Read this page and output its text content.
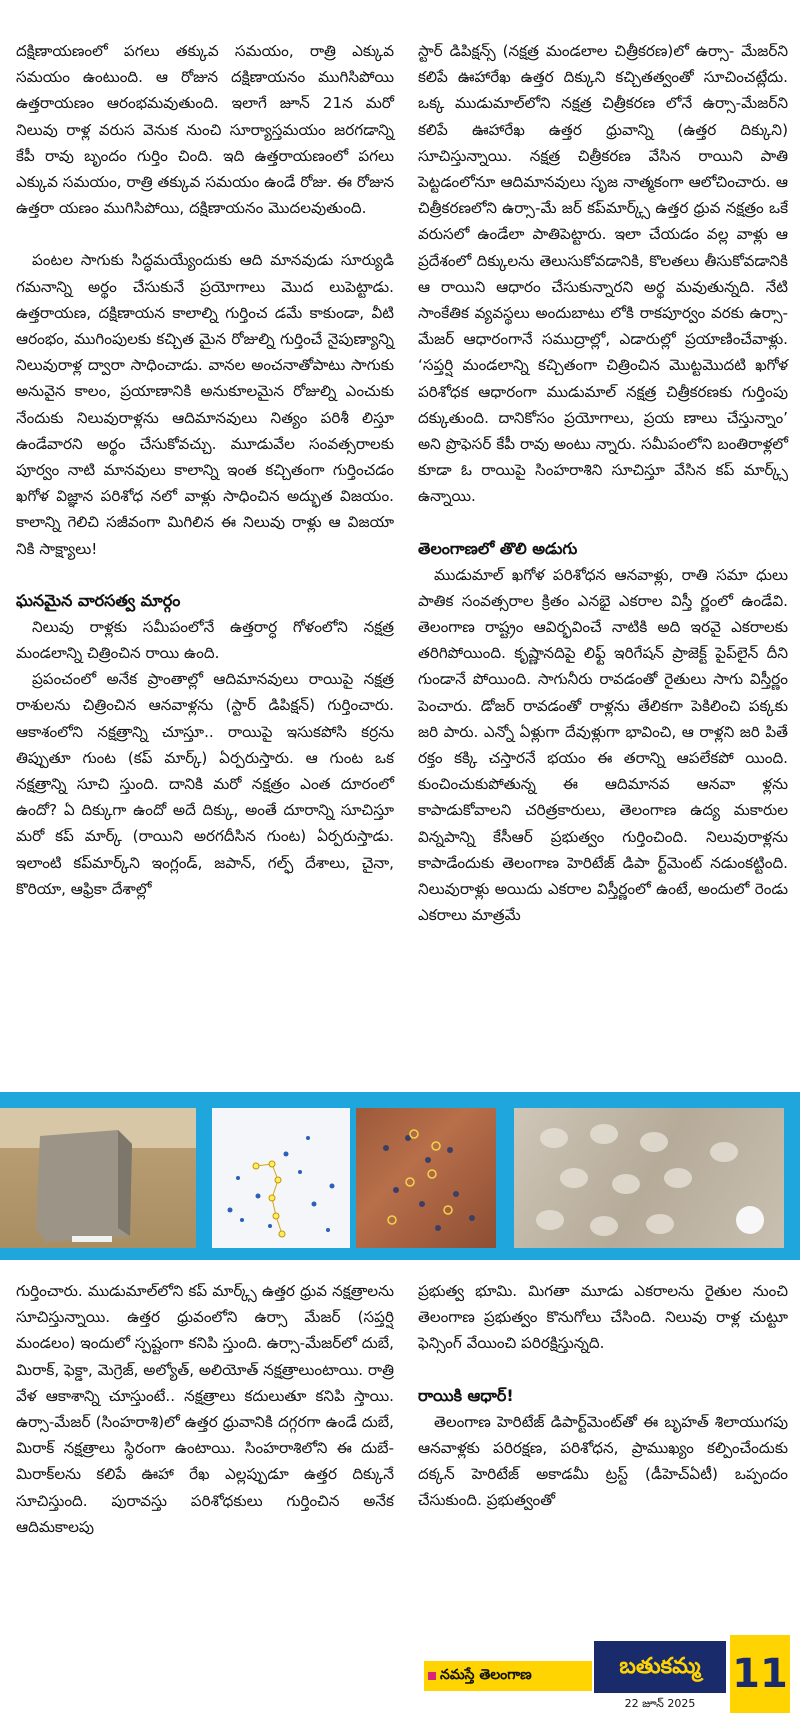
దక్షిణాయణంలో పగలు తక్కువ సమయం, రాత్రి ఎక్కువ సమయం ఉంటుంది. ఆ రోజున దక్షిణాయనం ముగిసిపోయి ఉత్తరాయణం ఆరంభమవుతుంది. ఇలాగే జూన్ 21న మరో నిలువు రాళ్ల వరుస వెనుక నుంచి సూర్యాస్తమయం జరగడాన్ని కేపీ రావు బృందం గుర్తిం చింది. ఇది ఉత్తరాయణంలో పగలు ఎక్కువ సమయం, రాత్రి తక్కువ సమయం ఉండే రోజు. ఈ రోజున ఉత్తరా యణం ముగిసిపోయి, దక్షిణాయనం మొదలవుతుంది.

పంటల సాగుకు సిద్ధమయ్యేందుకు ఆది మానవుడు సూర్యుడి గమనాన్ని అర్థం చేసుకునే ప్రయోగాలు మొద లుపెట్టాడు. ఉత్తరాయణ, దక్షిణాయన కాలాల్ని గుర్తించ డమే కాకుండా, వీటి ఆరంభం, ముగింపులకు కచ్చిత మైన రోజుల్ని గుర్తించే నైపుణ్యాన్ని నిలువురాళ్ల ద్వారా సాధించాడు. వానల అంచనాతోపాటు సాగుకు అనువైన కాలం, ప్రయాణానికి అనుకూలమైన రోజుల్ని ఎంచుకు నేందుకు నిలువురాళ్లను ఆదిమానవులు నిత్యం పరిశీ లిస్తూ ఉండేవారని అర్థం చేసుకోవచ్చు. మూడువేల సంవత్సరాలకు పూర్వం నాటి మానవులు కాలాన్ని ఇంత కచ్చితంగా గుర్తించడం ఖగోళ విజ్ఞాన పరిశోధ నలో వాళ్లు సాధించిన అద్భుత విజయం. కాలాన్ని గెలిచి సజీవంగా మిగిలిన ఈ నిలువు రాళ్లు ఆ విజయా నికి సాక్ష్యాలు!

ఘనమైన వారసత్వ మార్గం

నిలువు రాళ్లకు సమీపంలోనే ఉత్తరార్ధ గోళంలోని నక్షత్ర మండలాన్ని చిత్రించిన రాయి ఉంది.

ప్రపంచంలో అనేక ప్రాంతాల్లో ఆదిమానవులు రాయిపై నక్షత్ర రాశులను చిత్రించిన ఆనవాళ్లను (స్టార్ డిపిక్షన్) గుర్తించారు. ఆకాశంలోని నక్షత్రాన్ని చూస్తూ.. రాయిపై ఇసుకపోసి కర్రను తిప్పుతూ గుంట (కప్ మార్క్) ఏర్పరుస్తారు. ఆ గుంట ఒక నక్షత్రాన్ని సూచి స్తుంది. దానికి మరో నక్షత్రం ఎంత దూరంలో ఉందో? ఏ దిక్కుగా ఉందో అదే దిక్కు, అంతే దూరాన్ని సూచిస్తూ మరో కప్ మార్క్ (రాయిని అరగదీసిన గుంట) ఏర్పరుస్తాడు. ఇలాంటి కప్‌మార్క్‌ని ఇంగ్లండ్, జపాన్, గల్ఫ్ దేశాలు, చైనా, కొరియా, ఆఫ్రికా దేశాల్లో

స్టార్ డిపిక్షన్స్ (నక్షత్ర మండలాల చిత్రీకరణ)లో ఉర్సా- మేజర్‌ని కలిపే ఊహారేఖ ఉత్తర దిక్కుని కచ్చితత్వంతో సూచించట్లేదు. ఒక్క ముడుమాల్‌లోని నక్షత్ర చిత్రీకరణ లోనే ఉర్సా-మేజర్‌ని కలిపే ఊహారేఖ ఉత్తర ధ్రువాన్ని (ఉత్తర దిక్కుని) సూచిస్తున్నాయి. నక్షత్ర చిత్రీకరణ వేసిన రాయిని పాతి పెట్టడంలోనూ ఆదిమానవులు సృజ నాత్మకంగా ఆలోచించారు. ఆ చిత్రీకరణలోని ఉర్సా-మే జర్ కప్‌మార్క్స్ ఉత్తర ధ్రువ నక్షత్రం ఒకే వరుసలో ఉండేలా పాతిపెట్టారు. ఇలా చేయడం వల్ల వాళ్లు ఆ ప్రదేశంలో దిక్కులను తెలుసుకోవడానికి, కొలతలు తీసుకోవడానికి ఆ రాయిని ఆధారం చేసుకున్నారని అర్థ మవుతున్నది. నేటి సాంకేతిక వ్యవస్థలు అందుబాటు లోకి రాకపూర్వం వరకు ఉర్సా-మేజర్ ఆధారంగానే సముద్రాల్లో, ఎడారుల్లో ప్రయాణించేవాళ్లు. ‘సప్తర్షి మండలాన్ని కచ్చితంగా చిత్రించిన మొట్టమొదటి ఖగోళ పరిశోధక ఆధారంగా ముడుమాల్ నక్షత్ర చిత్రీకరణకు గుర్తింపు దక్కుతుంది. దానికోసం ప్రయోగాలు, ప్రయ ణాలు చేస్తున్నాం’ అని ప్రొఫెసర్ కేపీ రావు అంటు న్నారు. సమీపంలోని బంతిరాళ్లలో కూడా ఓ రాయిపై సింహరాశిని సూచిస్తూ వేసిన కప్ మార్క్స్ ఉన్నాయి.

తెలంగాణలో తొలి అడుగు

ముడుమాల్ ఖగోళ పరిశోధన ఆనవాళ్లు, రాతి సమా ధులు పాతిక సంవత్సరాల క్రితం ఎనభై ఎకరాల విస్తీ ర్ణంలో ఉండేవి. తెలంగాణ రాష్ట్రం ఆవిర్భవించే నాటికి అది ఇరవై ఎకరాలకు తరిగిపోయింది. కృష్ణానదిపై లిఫ్ట్ ఇరిగేషన్ ప్రాజెక్ట్ పైప్‌లైన్ దీని గుండానే పోయింది. సాగునీరు రావడంతో రైతులు సాగు విస్తీర్ణం పెంచారు. డోజర్ రావడంతో రాళ్లను తేలికగా పెకిలించి పక్కకు జరి పారు. ఎన్నో ఏళ్లుగా దేవుళ్లుగా భావించి, ఆ రాళ్లని జరి పితే రక్తం కక్కి చస్తారనే భయం ఈ తరాన్ని ఆపలేకపో యింది. కుంచించుకుపోతున్న ఈ ఆదిమానవ ఆనవా ళ్లను కాపాడుకోవాలని చరిత్రకారులు, తెలంగాణ ఉద్య మకారుల విన్నపాన్ని కేసీఆర్ ప్రభుత్వం గుర్తించింది. నిలువురాళ్లను కాపాడేందుకు తెలంగాణ హెరిటేజ్ డిపా ర్ట్‌మెంట్ నడుంకట్టింది. నిలువురాళ్లు అయిదు ఎకరాల విస్తీర్ణంలో ఉంటే, అందులో రెండు ఎకరాలు మాత్రమే

గుర్తించారు. ముడుమాల్‌లోని కప్ మార్క్స్ ఉత్తర ధ్రువ నక్షత్రాలను సూచిస్తున్నాయి. ఉత్తర ధ్రువంలోని ఉర్సా మేజర్ (సప్తర్షి మండలం) ఇందులో స్పష్టంగా కనిపి స్తుంది. ఉర్సా-మేజర్‌లో దుబే, మిరాక్, ఫెక్డా, మెగ్రెజ్, అల్యోత్, అలియోత్ నక్షత్రాలుంటాయి. రాత్రి వేళ ఆకాశాన్ని చూస్తుంటే.. నక్షత్రాలు కదులుతూ కనిపి స్తాయి. ఉర్సా-మేజర్ (సింహరాశి)లో ఉత్తర ధ్రువానికి దగ్గరగా ఉండే దుబే, మిరాక్ నక్షత్రాలు స్థిరంగా ఉంటాయి. సింహరాశిలోని ఈ దుబే-మిరాక్‌లను కలిపే ఊహా రేఖ ఎల్లప్పుడూ ఉత్తర దిక్కునే సూచిస్తుంది. పురావస్తు పరిశోధకులు గుర్తించిన అనేక ఆదిమకాలపు

ప్రభుత్వ భూమి. మిగతా మూడు ఎకరాలను రైతుల నుంచి తెలంగాణ ప్రభుత్వం కొనుగోలు చేసింది. నిలువు రాళ్ల చుట్టూ ఫెన్సింగ్ వేయించి పరిరక్షిస్తున్నది.

రాయికి ఆధార్!

తెలంగాణ హెరిటేజ్ డిపార్ట్‌మెంట్‌తో ఈ బృహత్ శిలాయుగపు ఆనవాళ్లకు పరిరక్షణ, పరిశోధన, ప్రాముఖ్యం కల్పించేందుకు దక్కన్ హెరిటేజ్ అకాడమీ ట్రస్ట్ (డీహెచ్‌ఏటీ) ఒప్పందం చేసుకుంది. ప్రభుత్వంతో

నమస్తే తెలంగాణ	బతుకమ్మ
22 జూన్ 2025
11
